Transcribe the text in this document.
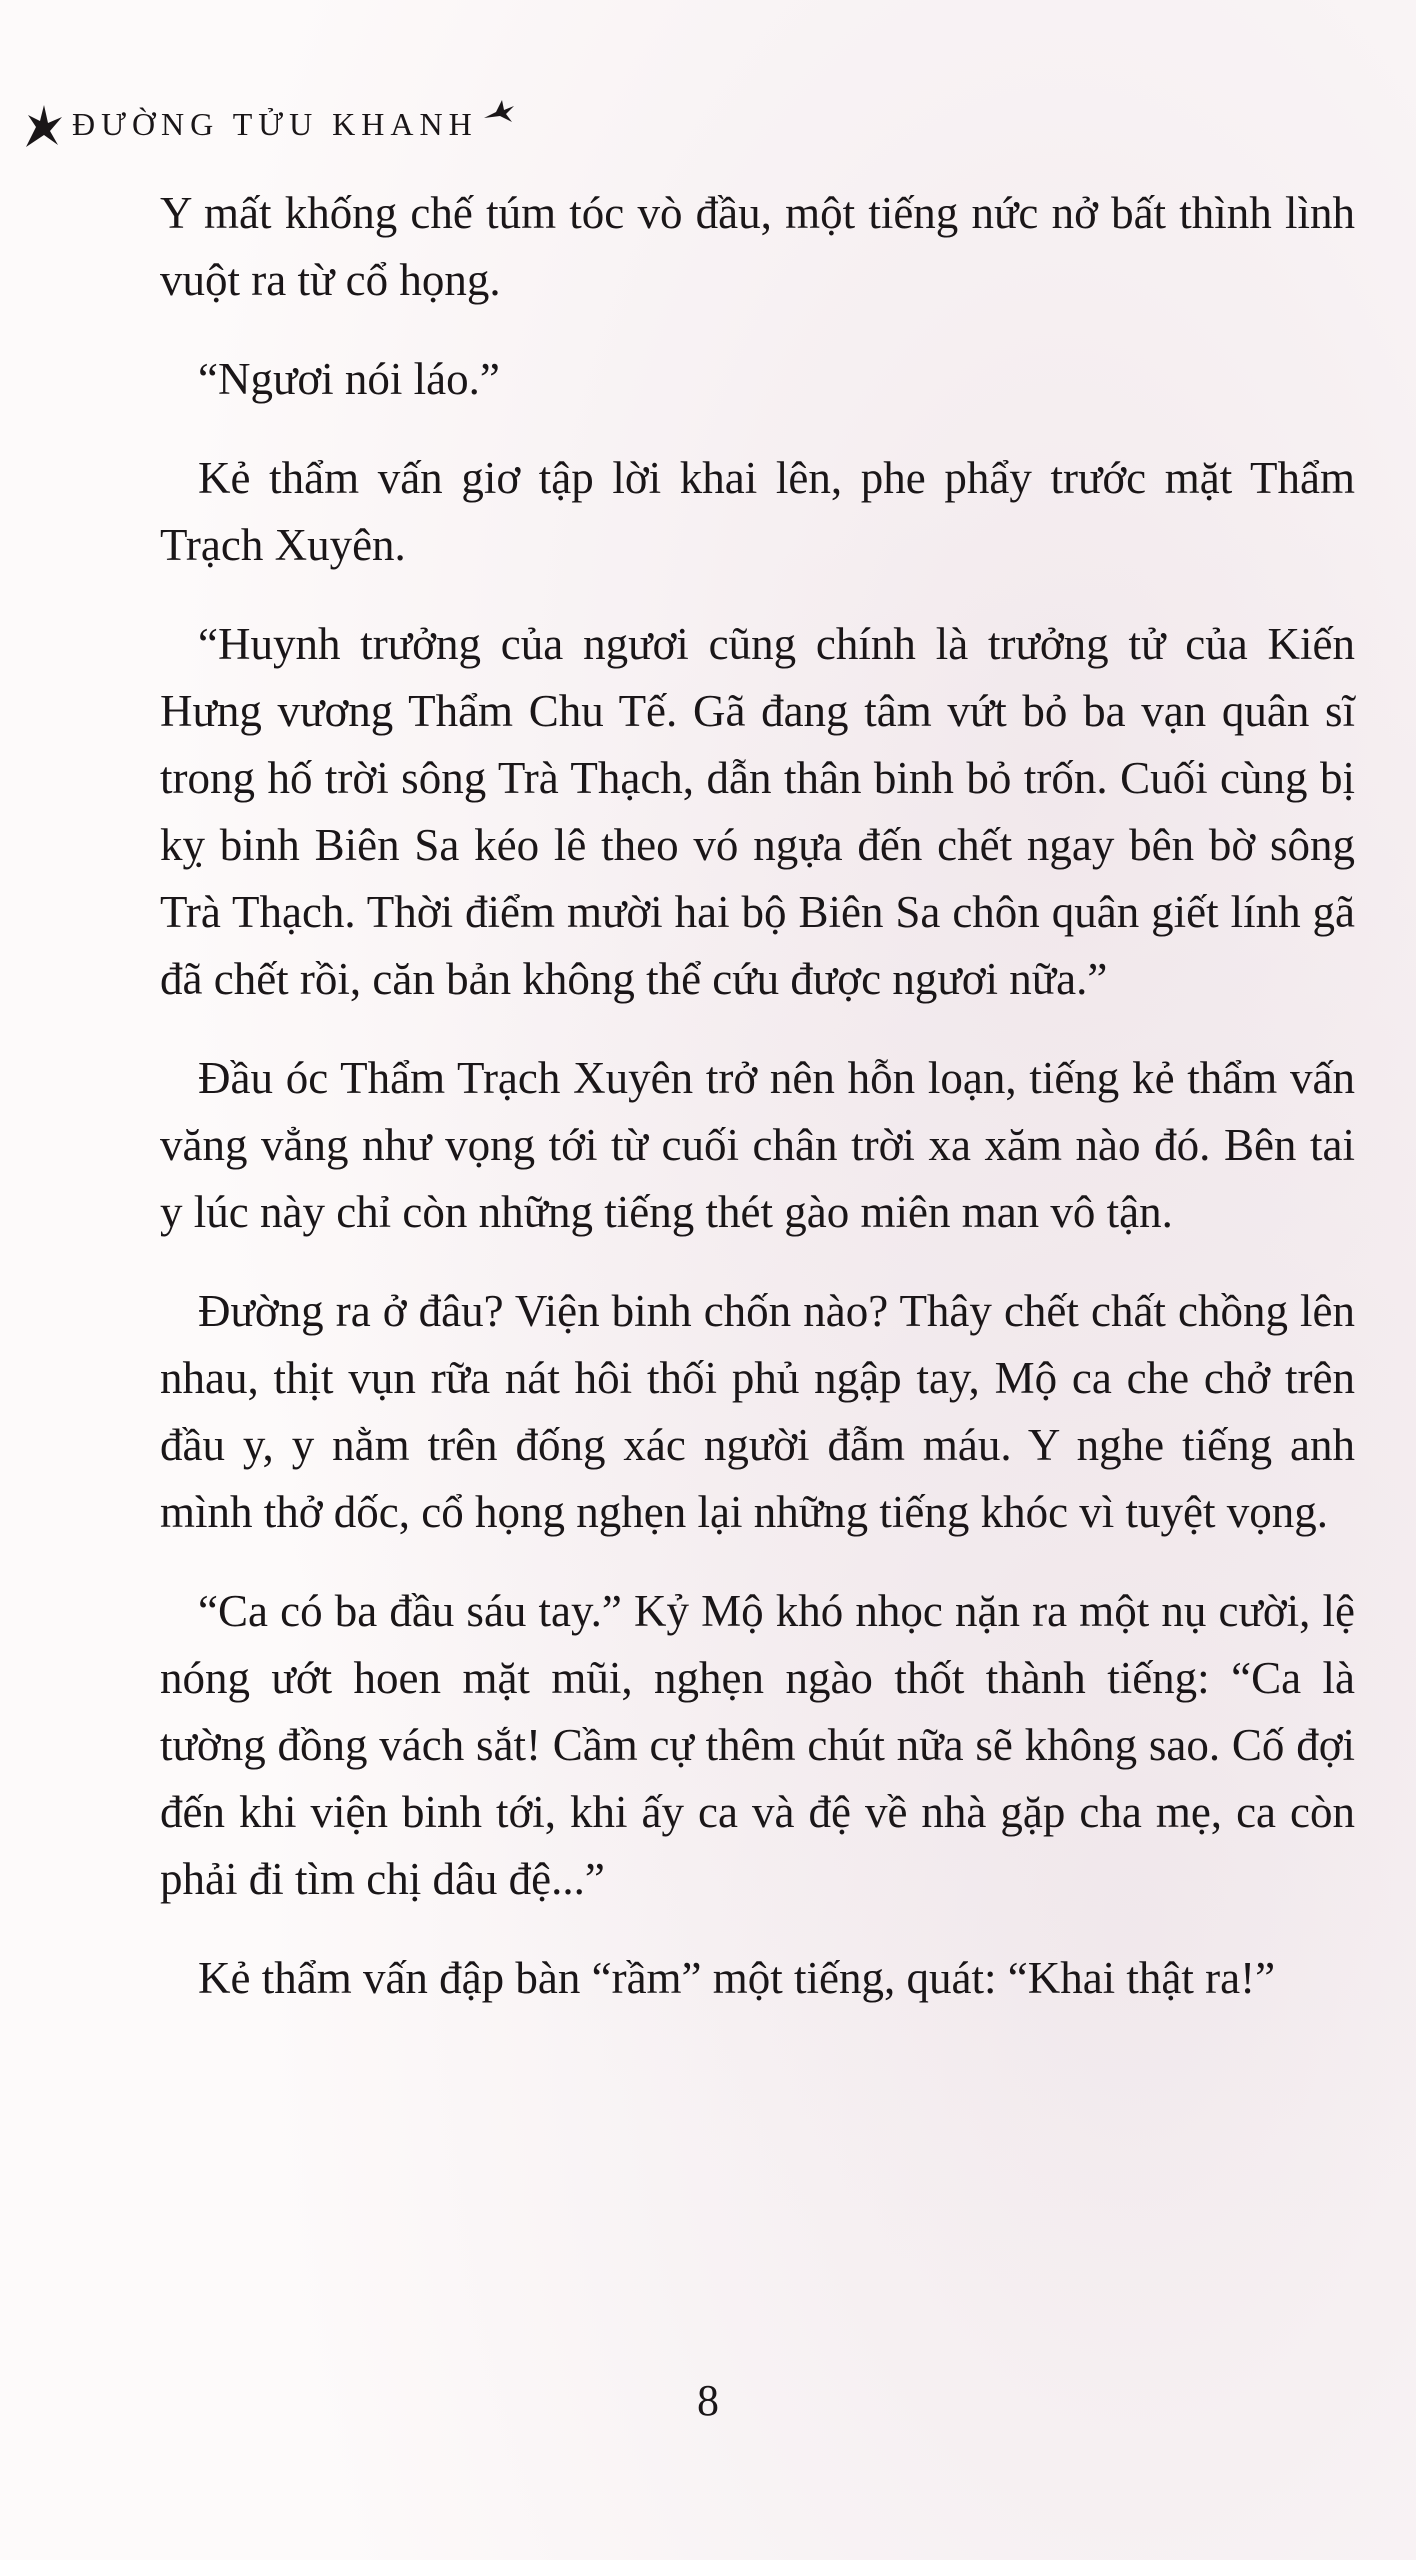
ĐƯỜNG TỬU KHANH

Y mất khống chế túm tóc vò đầu, một tiếng nức nở bất thình lình vuột ra từ cổ họng.

“Ngươi nói láo.”

Kẻ thẩm vấn giơ tập lời khai lên, phe phẩy trước mặt Thẩm Trạch Xuyên.

“Huynh trưởng của ngươi cũng chính là trưởng tử của Kiến Hưng vương Thẩm Chu Tế. Gã đang tâm vứt bỏ ba vạn quân sĩ trong hố trời sông Trà Thạch, dẫn thân binh bỏ trốn. Cuối cùng bị kỵ binh Biên Sa kéo lê theo vó ngựa đến chết ngay bên bờ sông Trà Thạch. Thời điểm mười hai bộ Biên Sa chôn quân giết lính gã đã chết rồi, căn bản không thể cứu được ngươi nữa.”

Đầu óc Thẩm Trạch Xuyên trở nên hỗn loạn, tiếng kẻ thẩm vấn văng vẳng như vọng tới từ cuối chân trời xa xăm nào đó. Bên tai y lúc này chỉ còn những tiếng thét gào miên man vô tận.

Đường ra ở đâu? Viện binh chốn nào? Thây chết chất chồng lên nhau, thịt vụn rữa nát hôi thối phủ ngập tay, Mộ ca che chở trên đầu y, y nằm trên đống xác người đẫm máu. Y nghe tiếng anh mình thở dốc, cổ họng nghẹn lại những tiếng khóc vì tuyệt vọng.

“Ca có ba đầu sáu tay.” Kỷ Mộ khó nhọc nặn ra một nụ cười, lệ nóng ướt hoen mặt mũi, nghẹn ngào thốt thành tiếng: “Ca là tường đồng vách sắt! Cầm cự thêm chút nữa sẽ không sao. Cố đợi đến khi viện binh tới, khi ấy ca và đệ về nhà gặp cha mẹ, ca còn phải đi tìm chị dâu đệ...”

Kẻ thẩm vấn đập bàn “rầm” một tiếng, quát: “Khai thật ra!”

8
